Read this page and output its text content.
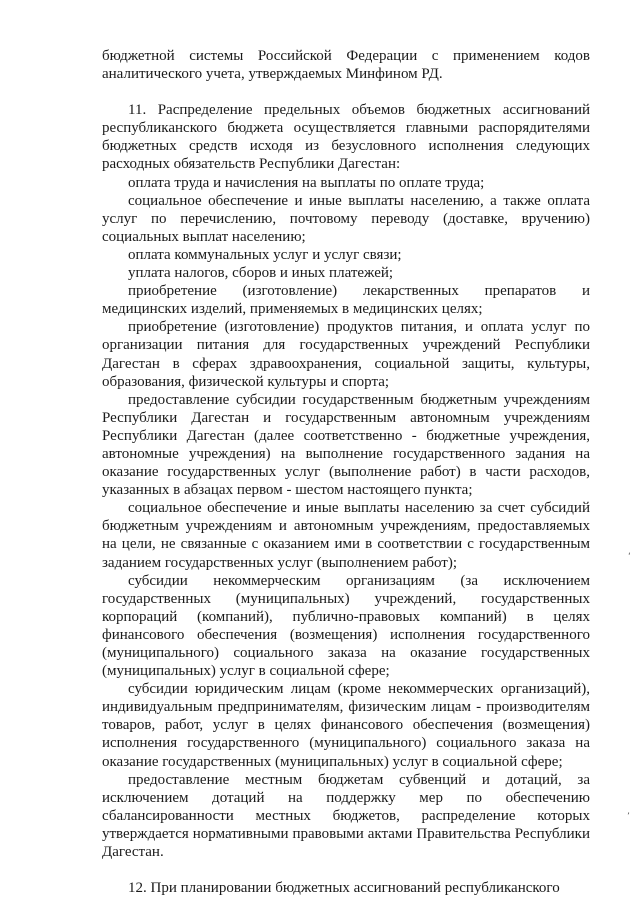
бюджетной системы Российской Федерации с применением кодов аналитического учета, утверждаемых Минфином РД.

11. Распределение предельных объемов бюджетных ассигнований республиканского бюджета осуществляется главными распорядителями бюджетных средств исходя из безусловного исполнения следующих расходных обязательств Республики Дагестан:

оплата труда и начисления на выплаты по оплате труда;

социальное обеспечение и иные выплаты населению, а также оплата услуг по перечислению, почтовому переводу (доставке, вручению) социальных выплат населению;

оплата коммунальных услуг и услуг связи;

уплата налогов, сборов и иных платежей;

приобретение (изготовление) лекарственных препаратов и медицинских изделий, применяемых в медицинских целях;

приобретение (изготовление) продуктов питания, и оплата услуг по организации питания для государственных учреждений Республики Дагестан в сферах здравоохранения, социальной защиты, культуры, образования, физической культуры и спорта;

предоставление субсидии государственным бюджетным учреждениям Республики Дагестан и государственным автономным учреждениям Республики Дагестан (далее соответственно - бюджетные учреждения, автономные учреждения) на выполнение государственного задания на оказание государственных услуг (выполнение работ) в части расходов, указанных в абзацах первом - шестом настоящего пункта;

социальное обеспечение и иные выплаты населению за счет субсидий бюджетным учреждениям и автономным учреждениям, предоставляемых на цели, не связанные с оказанием ими в соответствии с государственным заданием государственных услуг (выполнением работ);

субсидии некоммерческим организациям (за исключением государственных (муниципальных) учреждений, государственных корпораций (компаний), публично-правовых компаний) в целях финансового обеспечения (возмещения) исполнения государственного (муниципального) социального заказа на оказание государственных (муниципальных) услуг в социальной сфере;

субсидии юридическим лицам (кроме некоммерческих организаций), индивидуальным предпринимателям, физическим лицам - производителям товаров, работ, услуг в целях финансового обеспечения (возмещения) исполнения государственного (муниципального) социального заказа на оказание государственных (муниципальных) услуг в социальной сфере;

предоставление местным бюджетам субвенций и дотаций, за исключением дотаций на поддержку мер по обеспечению сбалансированности местных бюджетов, распределение которых утверждается нормативными правовыми актами Правительства Республики Дагестан.

12. При планировании бюджетных ассигнований республиканского

‘
’
